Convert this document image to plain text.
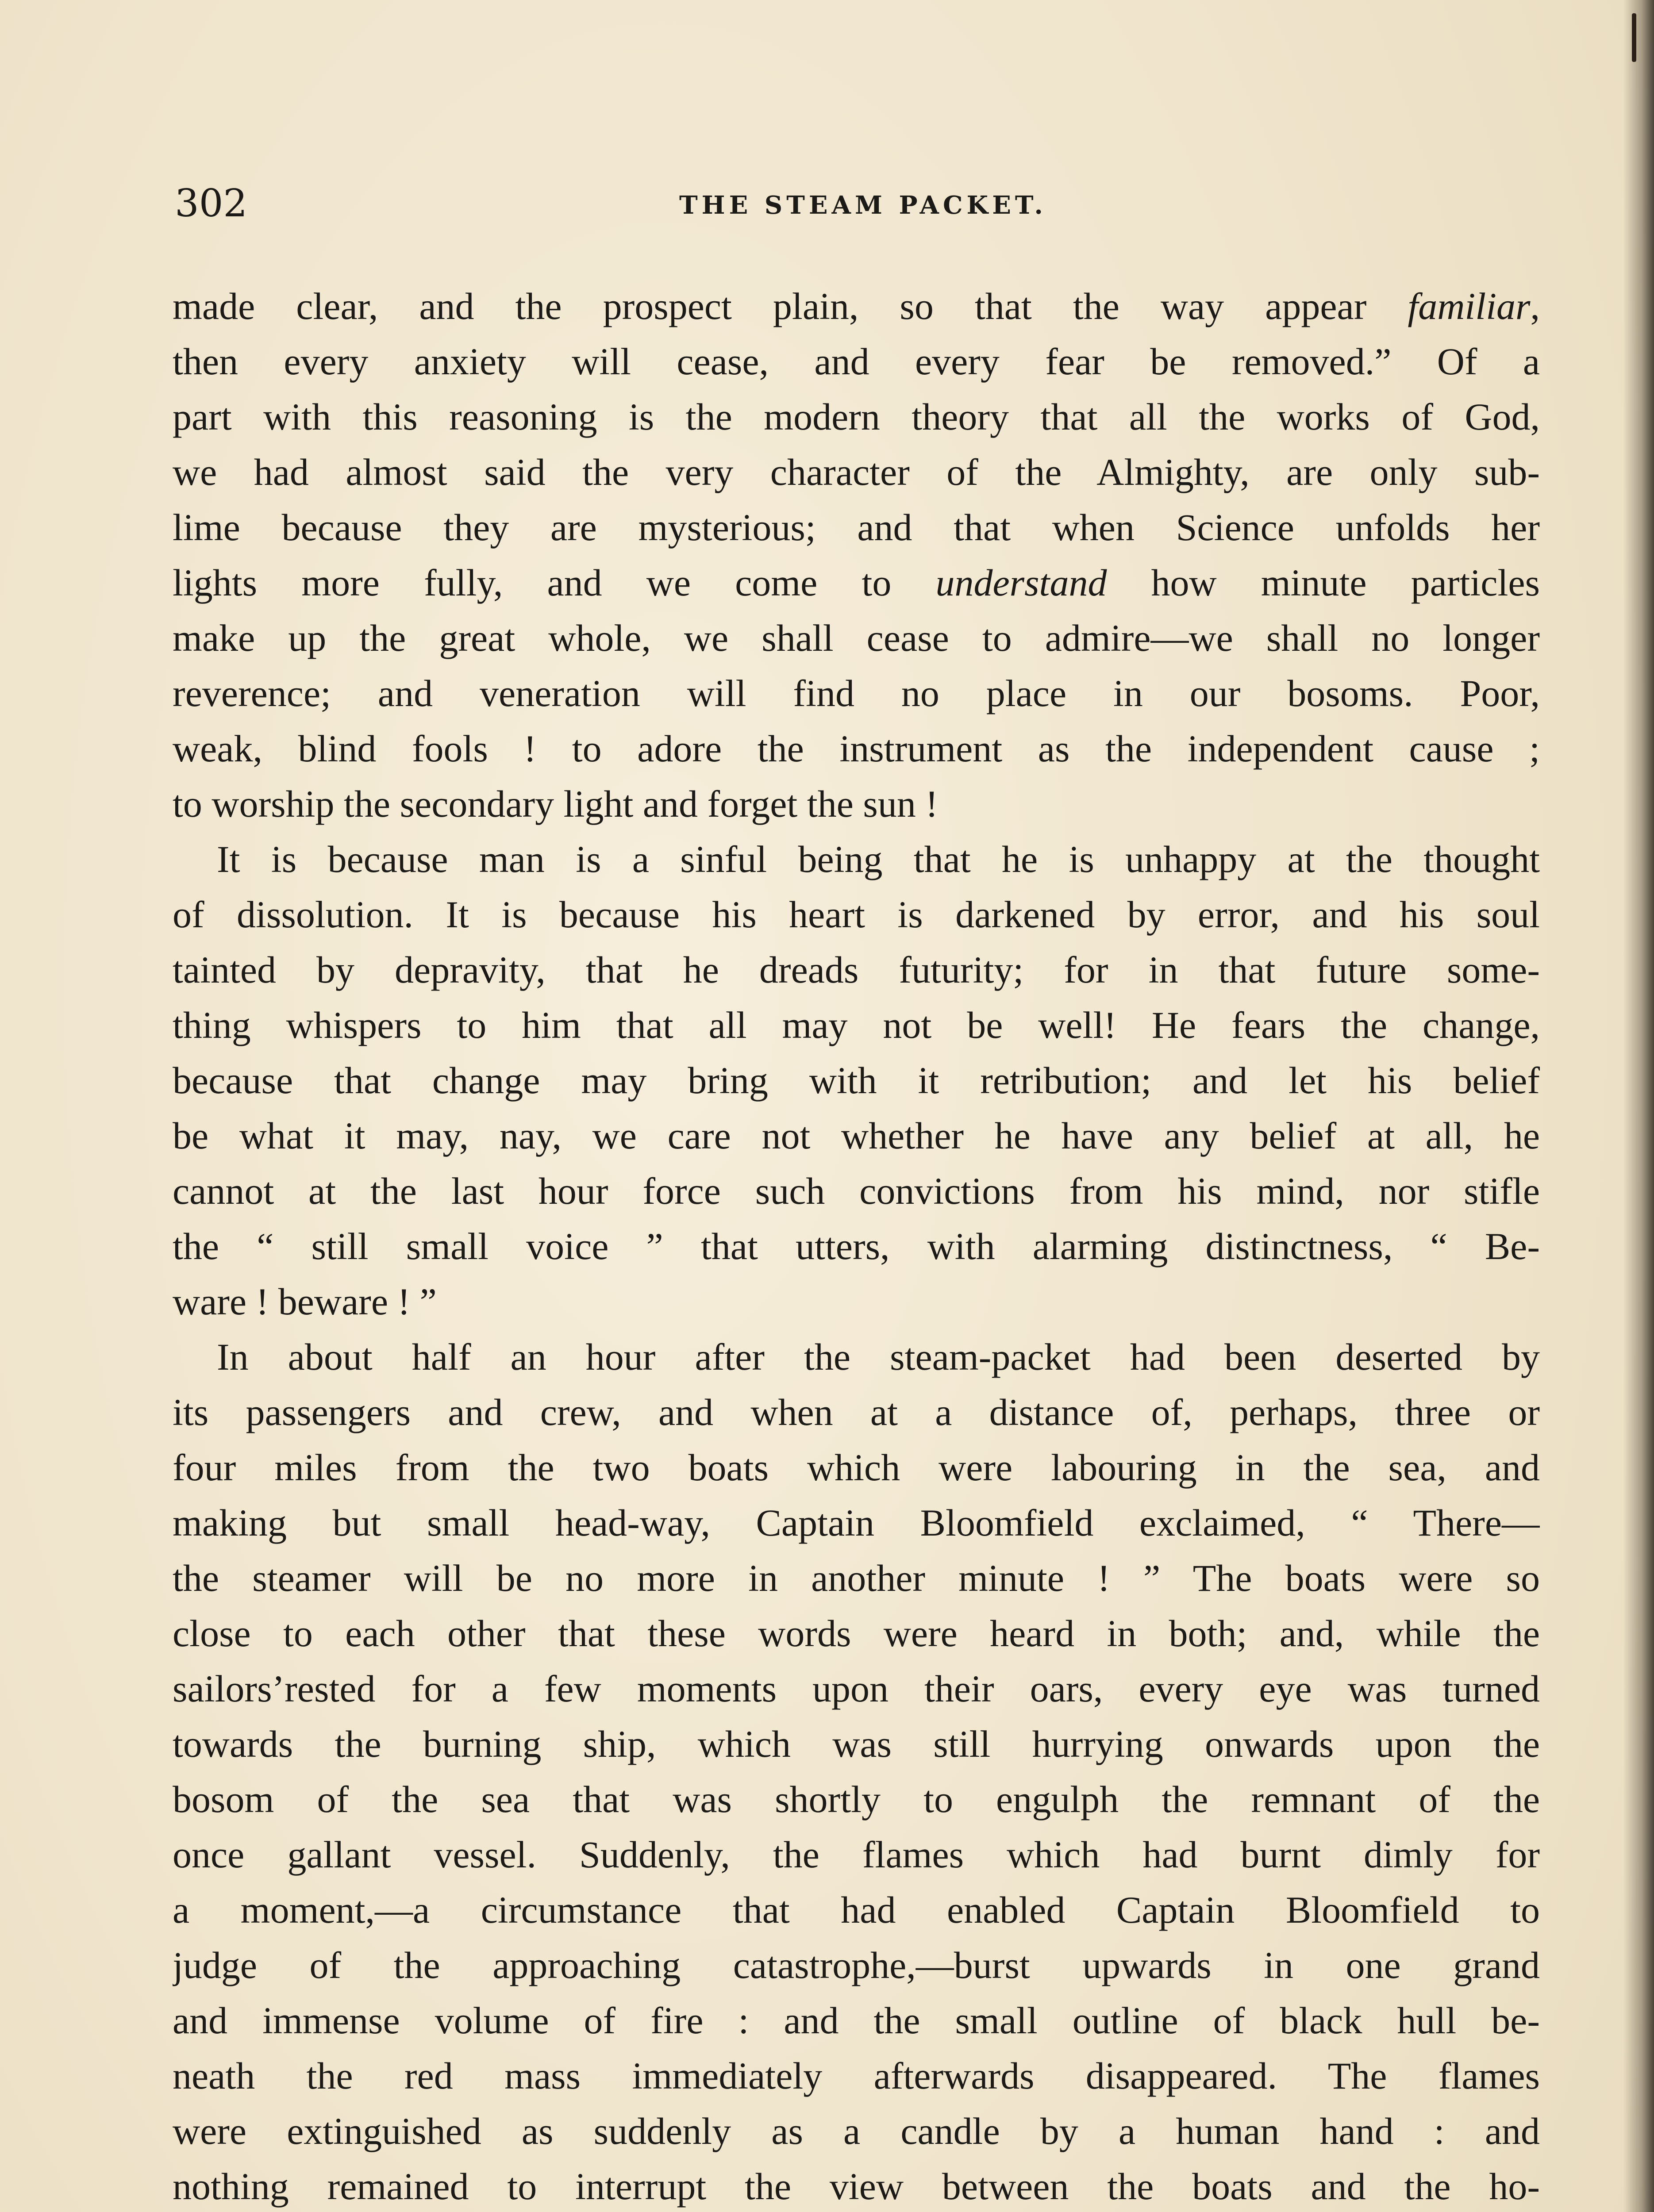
302	THE STEAM PACKET.
made clear, and the prospect plain, so that the way appear familiar,
then every anxiety will cease, and every fear be removed.” Of a
part with this reasoning is the modern theory that all the works of God,
we had almost said the very character of the Almighty, are only sub-
lime because they are mysterious; and that when Science unfolds her
lights more fully, and we come to understand how minute particles
make up the great whole, we shall cease to admire—we shall no longer
reverence; and veneration will find no place in our bosoms. Poor,
weak, blind fools ! to adore the instrument as the independent cause ;
to worship the secondary light and forget the sun !
It is because man is a sinful being that he is unhappy at the thought
of dissolution. It is because his heart is darkened by error, and his soul
tainted by depravity, that he dreads futurity; for in that future some-
thing whispers to him that all may not be well! He fears the change,
because that change may bring with it retribution; and let his belief
be what it may, nay, we care not whether he have any belief at all, he
cannot at the last hour force such convictions from his mind, nor stifle
the “ still small voice ” that utters, with alarming distinctness, “ Be-
ware ! beware ! ”
In about half an hour after the steam-packet had been deserted by
its passengers and crew, and when at a distance of, perhaps, three or
four miles from the two boats which were labouring in the sea, and
making but small head-way, Captain Bloomfield exclaimed, “ There—
the steamer will be no more in another minute ! ” The boats were so
close to each other that these words were heard in both; and, while the
sailors’rested for a few moments upon their oars, every eye was turned
towards the burning ship, which was still hurrying onwards upon the
bosom of the sea that was shortly to engulph the remnant of the
once gallant vessel. Suddenly, the flames which had burnt dimly for
a moment,—a circumstance that had enabled Captain Bloomfield to
judge of the approaching catastrophe,—burst upwards in one grand
and immense volume of fire : and the small outline of black hull be-
neath the red mass immediately afterwards disappeared. The flames
were extinguished as suddenly as a candle by a human hand : and
nothing remained to interrupt the view between the boats and the ho-
